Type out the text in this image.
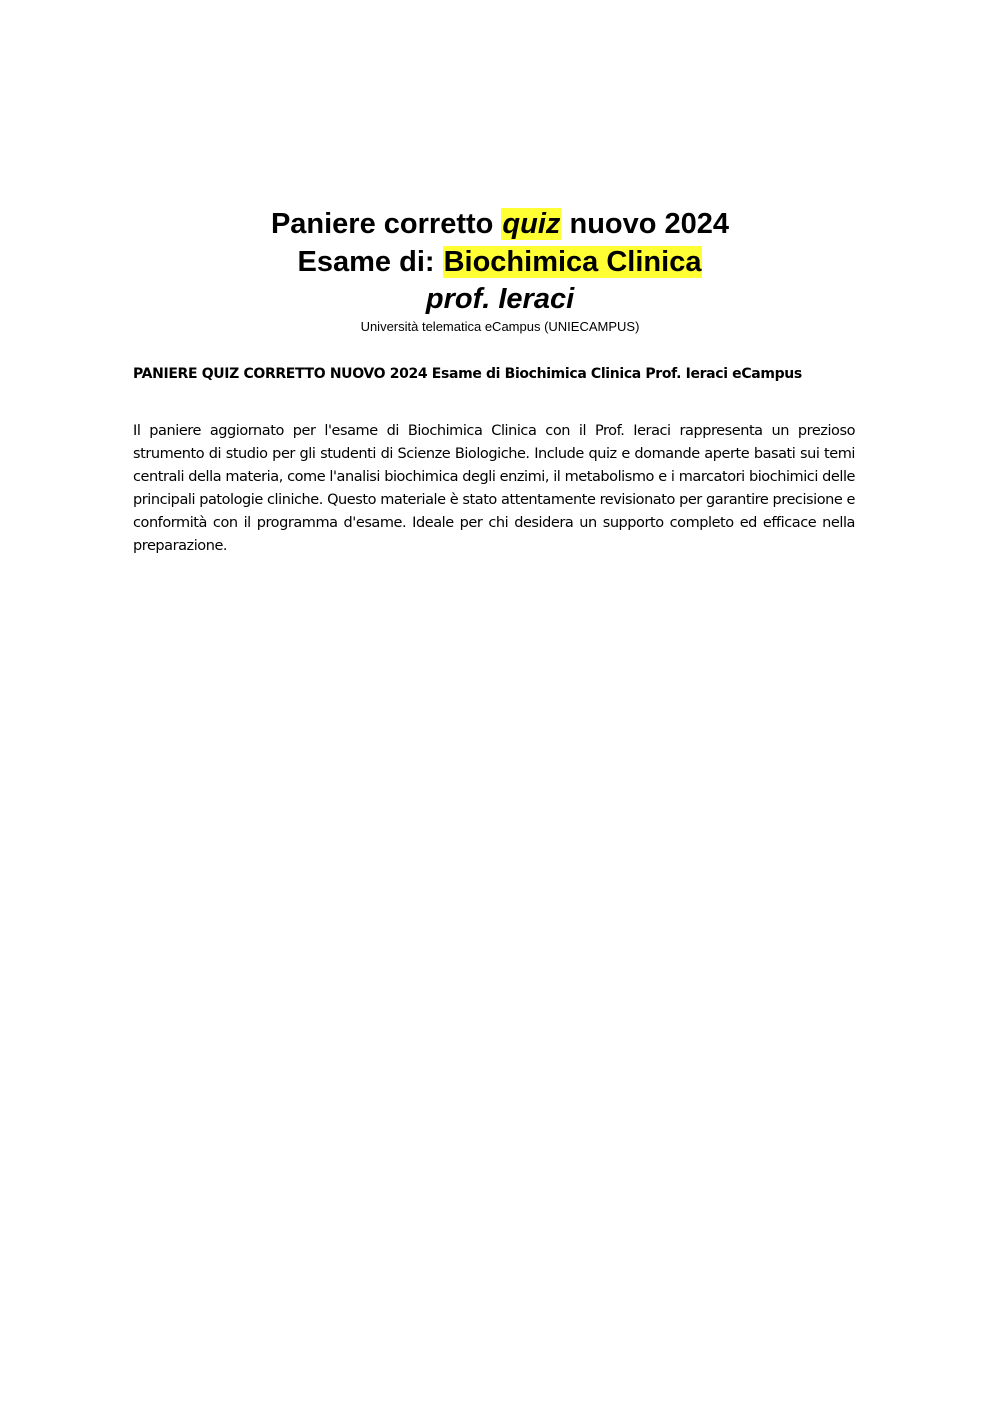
Paniere corretto quiz nuovo 2024
Esame di: Biochimica Clinica
prof. Ieraci
Università telematica eCampus (UNIECAMPUS)
PANIERE QUIZ CORRETTO NUOVO 2024 Esame di Biochimica Clinica Prof. Ieraci eCampus
Il paniere aggiornato per l'esame di Biochimica Clinica con il Prof. Ieraci rappresenta un prezioso strumento di studio per gli studenti di Scienze Biologiche. Include quiz e domande aperte basati sui temi centrali della materia, come l'analisi biochimica degli enzimi, il metabolismo e i marcatori biochimici delle principali patologie cliniche. Questo materiale è stato attentamente revisionato per garantire precisione e conformità con il programma d'esame. Ideale per chi desidera un supporto completo ed efficace nella preparazione.
